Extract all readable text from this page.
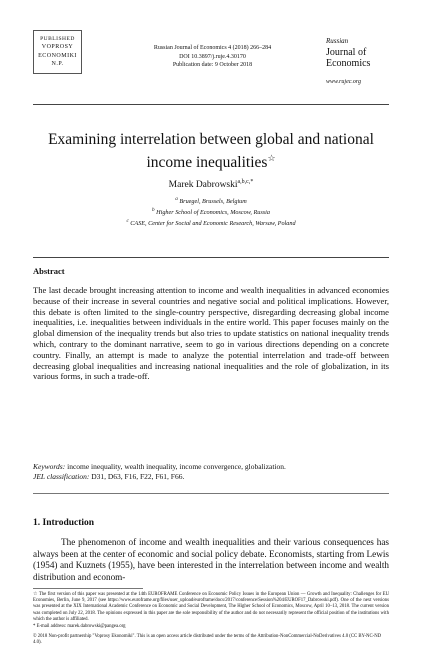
PUBLISHED
VOPROSY
ECONOMIKI
N.P.
Russian Journal of Economics 4 (2018) 266–284
DOI 10.3897/j.ruje.4.30170
Publication date: 9 October 2018
Russian
Journal of
Economics
www.rujec.org
Examining interrelation between global and national income inequalities☆
Marek Dabrowski$^{a,b,c,*}$
$^a$ Bruegel, Brussels, Belgium
$^b$ Higher School of Economics, Moscow, Russia
$^c$ CASE, Center for Social and Economic Research, Warsaw, Poland
Abstract
The last decade brought increasing attention to income and wealth inequalities in advanced economies because of their increase in several countries and negative social and political implications. However, this debate is often limited to the single-country perspective, disregarding decreasing global income inequalities, i.e. inequalities between individuals in the entire world. This paper focuses mainly on the global dimension of the inequality trends but also tries to update statistics on national inequality trends which, contrary to the dominant narrative, seem to go in various directions depending on a concrete country. Finally, an attempt is made to analyze the potential interrelation and trade-off between decreasing global inequalities and increasing national inequalities and the role of globalization, in its various forms, in such a trade-off.
Keywords: income inequality, wealth inequality, income convergence, globalization.
JEL classification: D31, D63, F16, F22, F61, F66.
1. Introduction
The phenomenon of income and wealth inequalities and their various consequences has always been at the center of economic and social policy debate. Economists, starting from Lewis (1954) and Kuznets (1955), have been interested in the interrelation between income and wealth distribution and econom-

☆ The first version of this paper was presented at the 14th EUROFRAME Conference on Economic Policy Issues in the European Union — Growth and Inequality: Challenges for EU Economies, Berlin, June 9, 2017 (see https://www.euroframe.org/files/user_upload/euroframe/docs/2017/conference/Session%204/EUROF17_Dabrowski.pdf). One of the next versions was presented at the XIX International Academic Conference on Economic and Social Development, The Higher School of Economics, Moscow, April 10–13, 2018. The current version was completed on July 22, 2018. The opinions expressed in this paper are the sole responsibility of the author and do not necessarily represent the official position of the institutions with which the author is affiliated.

* E-mail address: marek.dabrowski@pangea.org

© 2018 Non-profit partnership "Voprosy Ekonomiki". This is an open access article distributed under the terms of the Attribution-NonCommercial-NoDerivatives 4.0 (CC BY-NC-ND 4.0).
